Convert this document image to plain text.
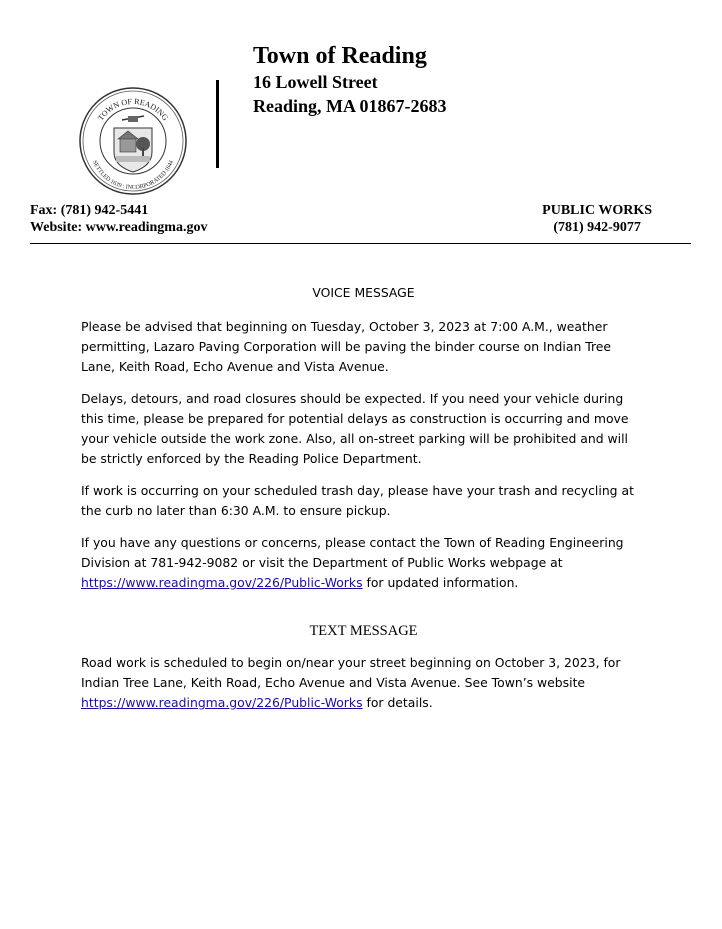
TOWN OF READING
SETTLED 1639 : INCORPORATED 1644
Town of Reading
16 Lowell Street
Reading, MA 01867-2683
Fax: (781) 942-5441
Website: www.readingma.gov
PUBLIC WORKS
(781) 942-9077
VOICE MESSAGE

Please be advised that beginning on Tuesday, October 3, 2023 at 7:00 A.M., weather permitting, Lazaro Paving Corporation will be paving the binder course on Indian Tree Lane, Keith Road, Echo Avenue and Vista Avenue.

Delays, detours, and road closures should be expected. If you need your vehicle during this time, please be prepared for potential delays as construction is occurring and move your vehicle outside the work zone. Also, all on-street parking will be prohibited and will be strictly enforced by the Reading Police Department.

If work is occurring on your scheduled trash day, please have your trash and recycling at the curb no later than 6:30 A.M. to ensure pickup.

If you have any questions or concerns, please contact the Town of Reading Engineering Division at 781-942-9082 or visit the Department of Public Works webpage at https://www.readingma.gov/226/Public-Works for updated information.

TEXT MESSAGE

Road work is scheduled to begin on/near your street beginning on October 3, 2023, for Indian Tree Lane, Keith Road, Echo Avenue and Vista Avenue. See Town’s website https://www.readingma.gov/226/Public-Works for details.
